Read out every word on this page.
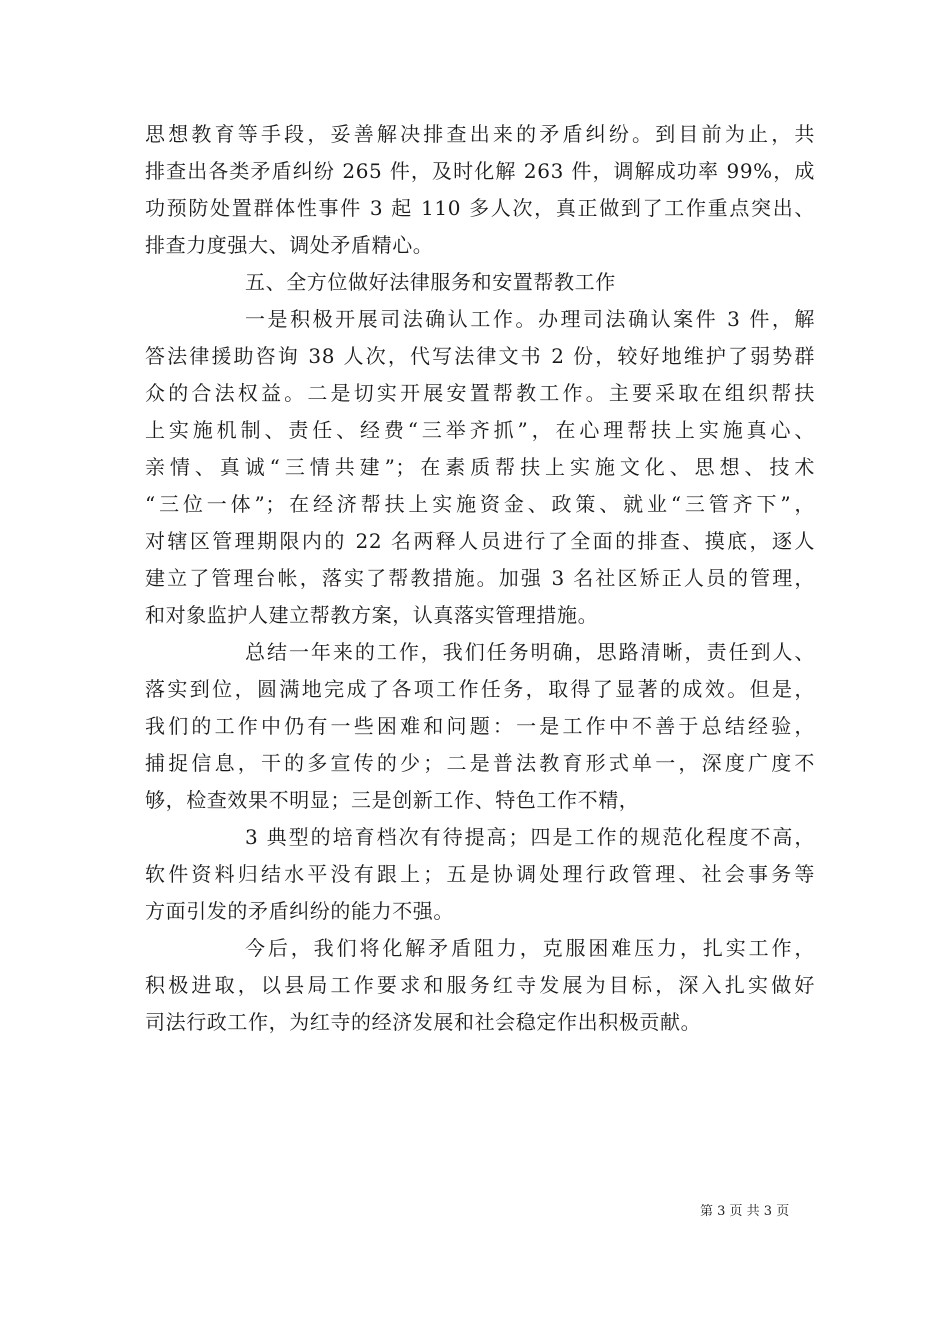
思想教育等手段，妥善解决排查出来的矛盾纠纷。到目前为止，共
排查出各类矛盾纠纷 265 件，及时化解 263 件，调解成功率 99%，成
功预防处置群体性事件 3 起 110 多人次，真正做到了工作重点突出、
排查力度强大、调处矛盾精心。
五、全方位做好法律服务和安置帮教工作
一是积极开展司法确认工作。办理司法确认案件 3 件，解
答法律援助咨询 38 人次，代写法律文书 2 份，较好地维护了弱势群
众的合法权益。二是切实开展安置帮教工作。主要采取在组织帮扶
上实施机制、责任、经费“三举齐抓”，在心理帮扶上实施真心、
亲情、真诚“三情共建”；在素质帮扶上实施文化、思想、技术
“三位一体”；在经济帮扶上实施资金、政策、就业“三管齐下”，
对辖区管理期限内的 22 名两释人员进行了全面的排查、摸底，逐人
建立了管理台帐，落实了帮教措施。加强 3 名社区矫正人员的管理，
和对象监护人建立帮教方案，认真落实管理措施。
总结一年来的工作，我们任务明确，思路清晰，责任到人、
落实到位，圆满地完成了各项工作任务，取得了显著的成效。但是，
我们的工作中仍有一些困难和问题：一是工作中不善于总结经验，
捕捉信息，干的多宣传的少；二是普法教育形式单一，深度广度不
够，检查效果不明显；三是创新工作、特色工作不精，
3 典型的培育档次有待提高；四是工作的规范化程度不高，
软件资料归结水平没有跟上；五是协调处理行政管理、社会事务等
方面引发的矛盾纠纷的能力不强。
今后，我们将化解矛盾阻力，克服困难压力，扎实工作，
积极进取，以县局工作要求和服务红寺发展为目标，深入扎实做好
司法行政工作，为红寺的经济发展和社会稳定作出积极贡献。
第 3 页 共 3 页
